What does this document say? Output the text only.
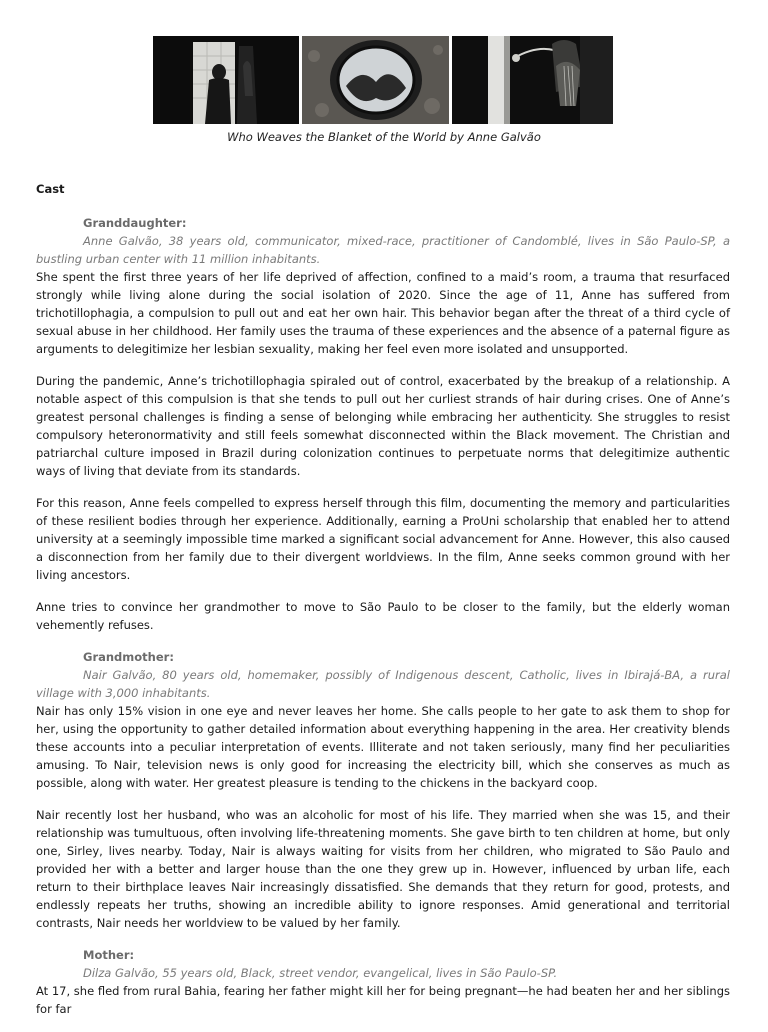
Who Weaves the Blanket of the World by Anne Galvão

Cast

Granddaughter:

Anne Galvão, 38 years old, communicator, mixed-race, practitioner of Candomblé, lives in São Paulo-SP, a bustling urban center with 11 million inhabitants.

She spent the first three years of her life deprived of affection, confined to a maid’s room, a trauma that resurfaced strongly while living alone during the social isolation of 2020. Since the age of 11, Anne has suffered from trichotillophagia, a compulsion to pull out and eat her own hair. This behavior began after the threat of a third cycle of sexual abuse in her childhood. Her family uses the trauma of these experiences and the absence of a paternal figure as arguments to delegitimize her lesbian sexuality, making her feel even more isolated and unsupported.

During the pandemic, Anne’s trichotillophagia spiraled out of control, exacerbated by the breakup of a relationship. A notable aspect of this compulsion is that she tends to pull out her curliest strands of hair during crises. One of Anne’s greatest personal challenges is finding a sense of belonging while embracing her authenticity. She struggles to resist compulsory heteronormativity and still feels somewhat disconnected within the Black movement. The Christian and patriarchal culture imposed in Brazil during colonization continues to perpetuate norms that delegitimize authentic ways of living that deviate from its standards.

For this reason, Anne feels compelled to express herself through this film, documenting the memory and particularities of these resilient bodies through her experience. Additionally, earning a ProUni scholarship that enabled her to attend university at a seemingly impossible time marked a significant social advancement for Anne. However, this also caused a disconnection from her family due to their divergent worldviews. In the film, Anne seeks common ground with her living ancestors.

Anne tries to convince her grandmother to move to São Paulo to be closer to the family, but the elderly woman vehemently refuses.

Grandmother:

Nair Galvão, 80 years old, homemaker, possibly of Indigenous descent, Catholic, lives in Ibirajá-BA, a rural village with 3,000 inhabitants.

Nair has only 15% vision in one eye and never leaves her home. She calls people to her gate to ask them to shop for her, using the opportunity to gather detailed information about everything happening in the area. Her creativity blends these accounts into a peculiar interpretation of events. Illiterate and not taken seriously, many find her peculiarities amusing. To Nair, television news is only good for increasing the electricity bill, which she conserves as much as possible, along with water. Her greatest pleasure is tending to the chickens in the backyard coop.

Nair recently lost her husband, who was an alcoholic for most of his life. They married when she was 15, and their relationship was tumultuous, often involving life-threatening moments. She gave birth to ten children at home, but only one, Sirley, lives nearby. Today, Nair is always waiting for visits from her children, who migrated to São Paulo and provided her with a better and larger house than the one they grew up in. However, influenced by urban life, each return to their birthplace leaves Nair increasingly dissatisfied. She demands that they return for good, protests, and endlessly repeats her truths, showing an incredible ability to ignore responses. Amid generational and territorial contrasts, Nair needs her worldview to be valued by her family.

Mother:

Dilza Galvão, 55 years old, Black, street vendor, evangelical, lives in São Paulo-SP.

At 17, she fled from rural Bahia, fearing her father might kill her for being pregnant—he had beaten her and her siblings for far
